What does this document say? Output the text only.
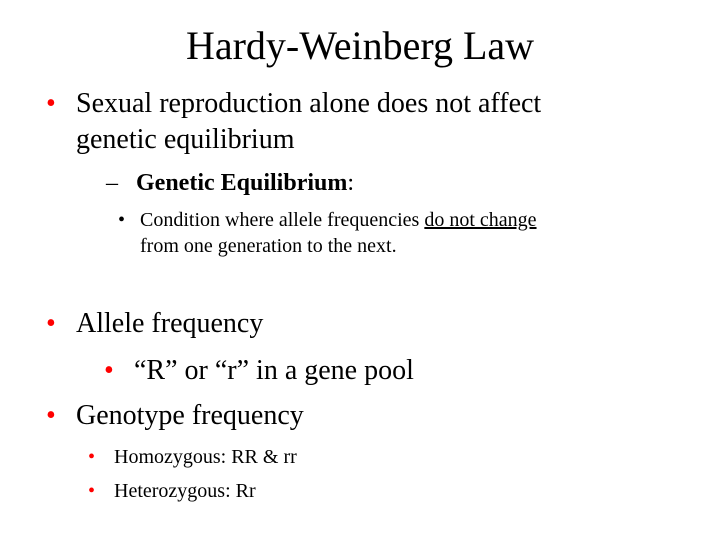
Hardy-Weinberg Law
• Sexual reproduction alone does not affect
genetic equilibrium
– Genetic Equilibrium:
• Condition where allele frequencies do not change
from one generation to the next.
• Allele frequency
• “R” or “r” in a gene pool
• Genotype frequency
• Homozygous: RR & rr
• Heterozygous: Rr
